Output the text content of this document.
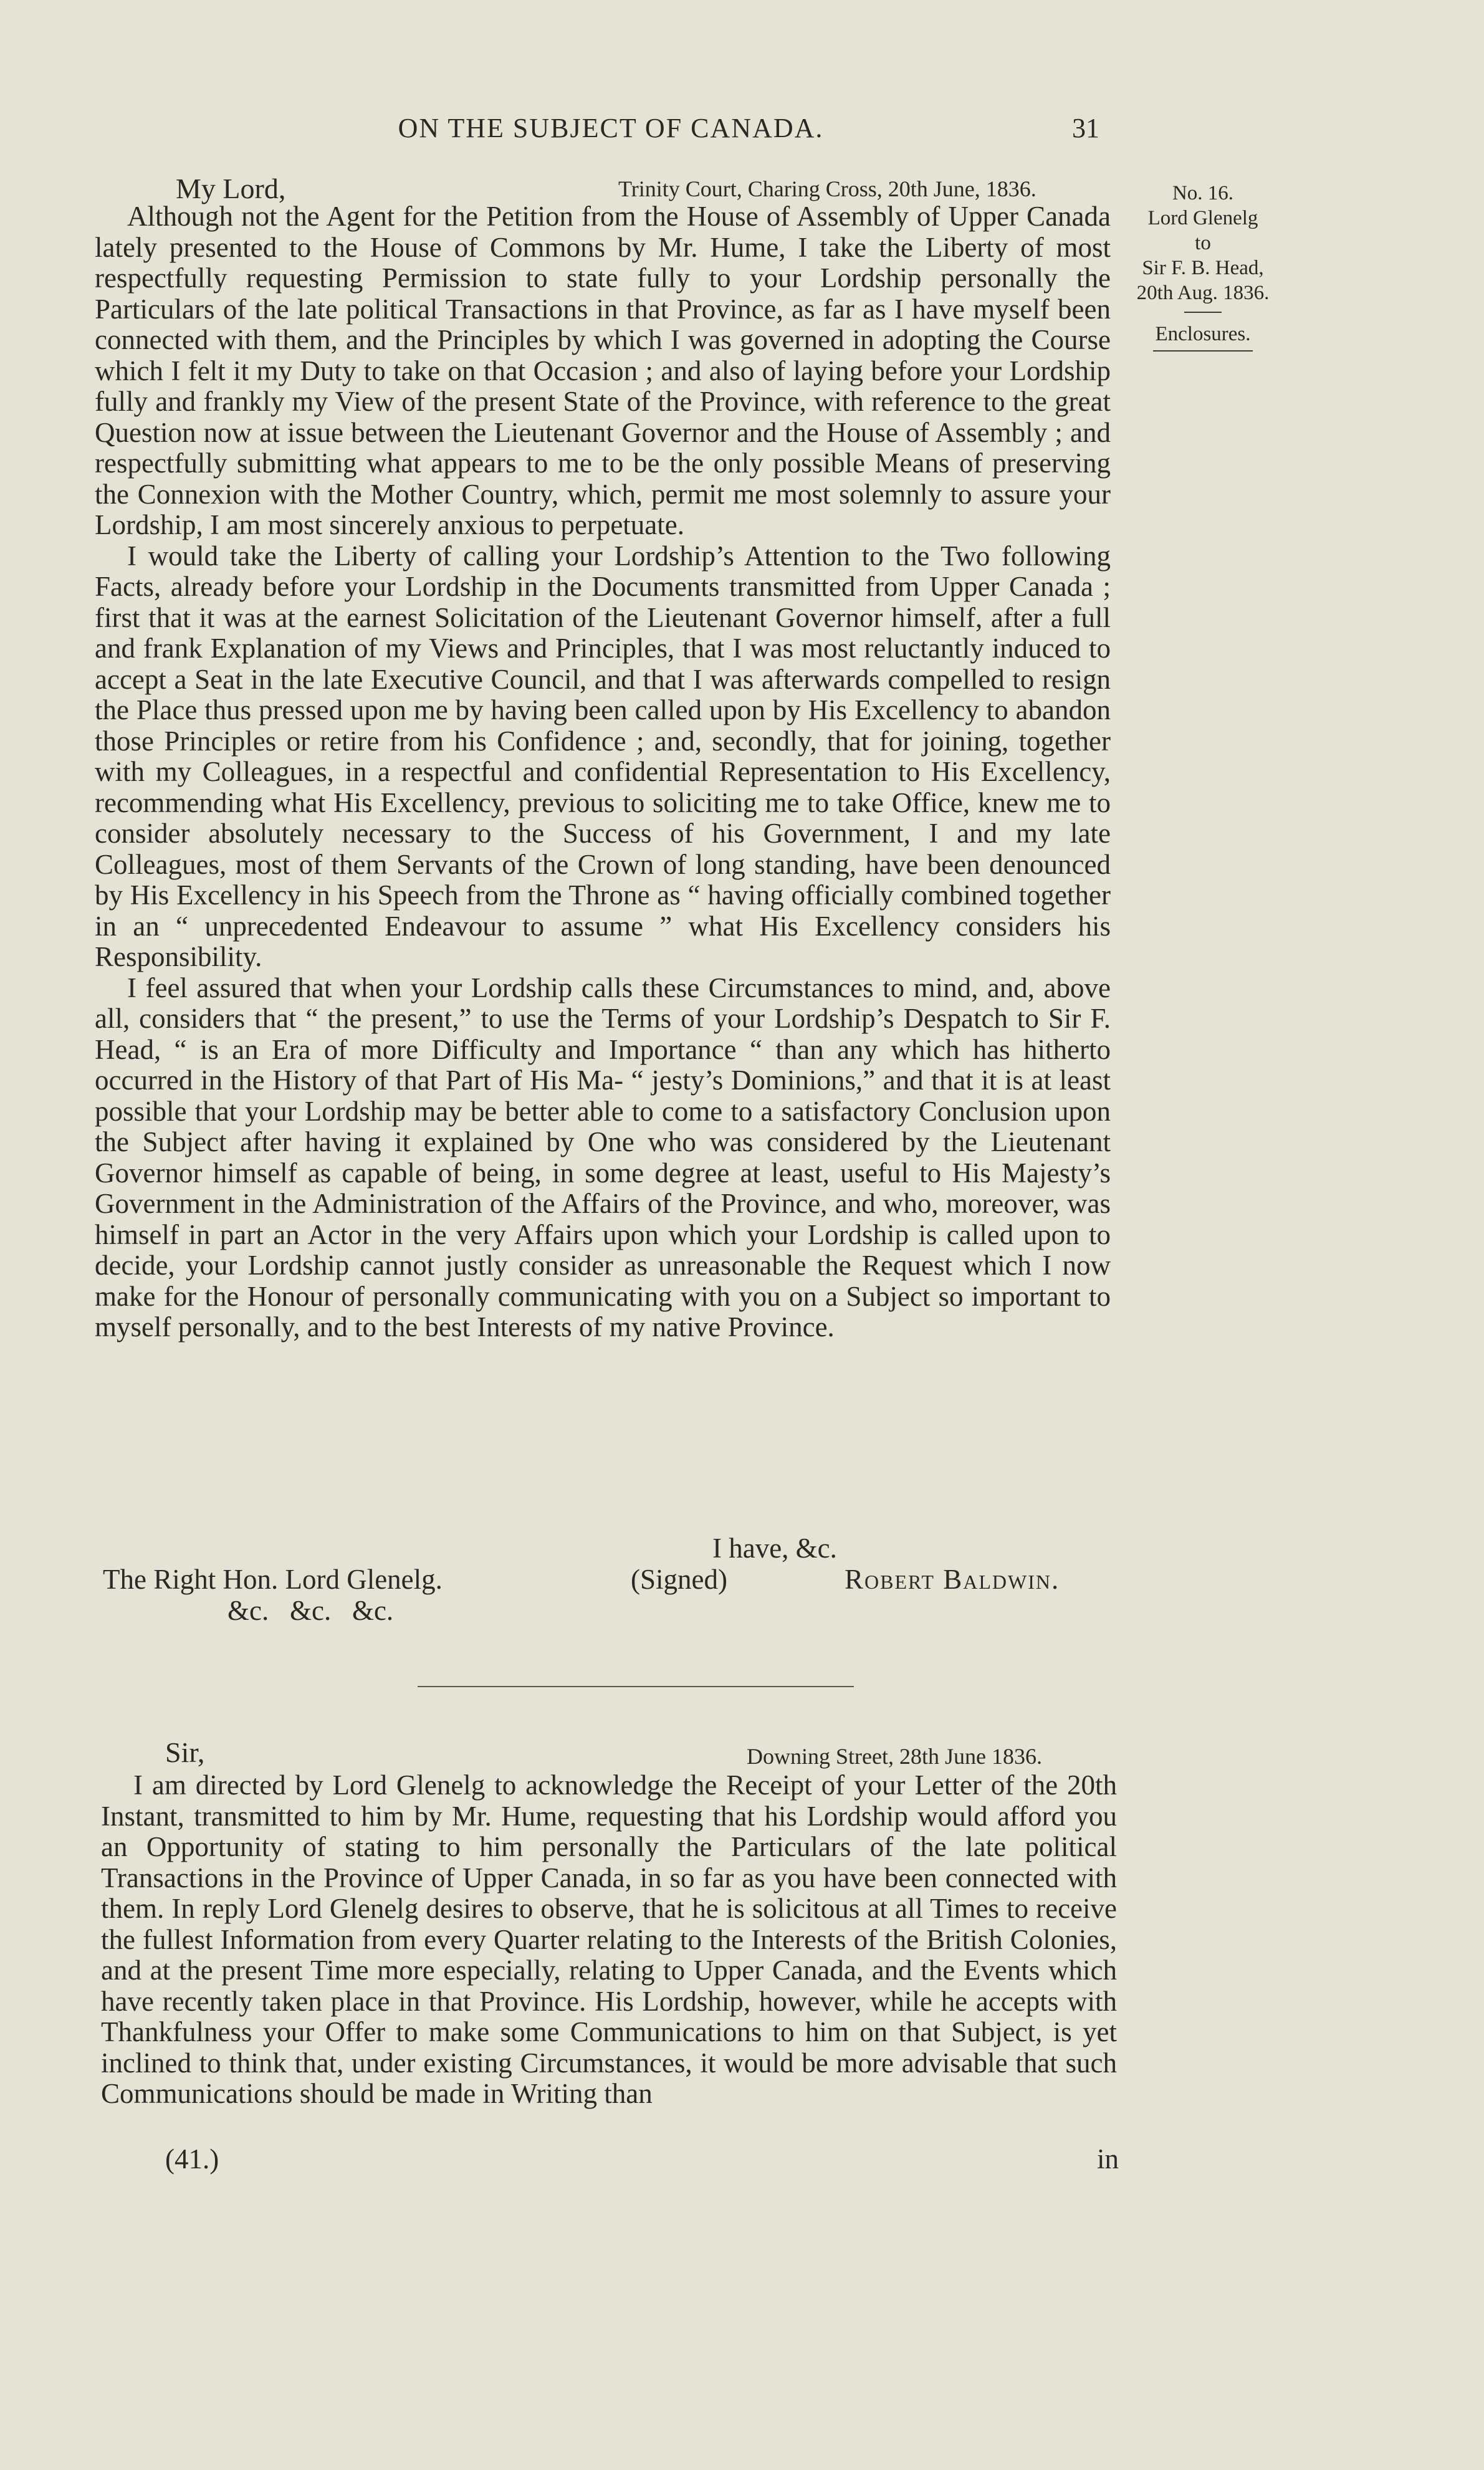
ON THE SUBJECT OF CANADA.	31
No. 16.
Lord Glenelg
to
Sir F. B. Head,
20th Aug. 1836.
Enclosures.
My Lord,	Trinity Court, Charing Cross, 20th June, 1836.

Although not the Agent for the Petition from the House of Assembly of Upper Canada lately presented to the House of Commons by Mr. Hume, I take the Liberty of most respectfully requesting Permission to state fully to your Lordship personally the Particulars of the late political Transactions in that Province, as far as I have myself been connected with them, and the Principles by which I was governed in adopting the Course which I felt it my Duty to take on that Occasion ; and also of laying before your Lordship fully and frankly my View of the present State of the Province, with reference to the great Question now at issue between the Lieutenant Governor and the House of Assembly ; and respectfully submitting what appears to me to be the only possible Means of preserving the Connexion with the Mother Country, which, permit me most solemnly to assure your Lordship, I am most sincerely anxious to perpetuate.

I would take the Liberty of calling your Lordship’s Attention to the Two following Facts, already before your Lordship in the Documents transmitted from Upper Canada ; first that it was at the earnest Solicitation of the Lieutenant Governor himself, after a full and frank Explanation of my Views and Principles, that I was most reluctantly induced to accept a Seat in the late Executive Council, and that I was afterwards compelled to resign the Place thus pressed upon me by having been called upon by His Excellency to abandon those Principles or retire from his Confidence ; and, secondly, that for joining, together with my Colleagues, in a respectful and confidential Representation to His Excellency, recommending what His Excellency, previous to soliciting me to take Office, knew me to consider absolutely necessary to the Success of his Government, I and my late Colleagues, most of them Servants of the Crown of long standing, have been denounced by His Excellency in his Speech from the Throne as “ having officially combined together in an “ unprecedented Endeavour to assume ” what His Excellency considers his Responsibility.

I feel assured that when your Lordship calls these Circumstances to mind, and, above all, considers that “ the present,” to use the Terms of your Lordship’s Despatch to Sir F. Head, “ is an Era of more Difficulty and Importance “ than any which has hitherto occurred in the History of that Part of His Ma- “ jesty’s Dominions,” and that it is at least possible that your Lordship may be better able to come to a satisfactory Conclusion upon the Subject after having it explained by One who was considered by the Lieutenant Governor himself as capable of being, in some degree at least, useful to His Majesty’s Government in the Administration of the Affairs of the Province, and who, moreover, was himself in part an Actor in the very Affairs upon which your Lordship is called upon to decide, your Lordship cannot justly consider as unreasonable the Request which I now make for the Honour of personally communicating with you on a Subject so important to myself personally, and to the best Interests of my native Province.

I have, &c.
The Right Hon. Lord Glenelg.	(Signed)	Robert Baldwin.
&c.   &c.   &c.
Sir,	Downing Street, 28th June 1836.

I am directed by Lord Glenelg to acknowledge the Receipt of your Letter of the 20th Instant, transmitted to him by Mr. Hume, requesting that his Lordship would afford you an Opportunity of stating to him personally the Particulars of the late political Transactions in the Province of Upper Canada, in so far as you have been connected with them. In reply Lord Glenelg desires to observe, that he is solicitous at all Times to receive the fullest Information from every Quarter relating to the Interests of the British Colonies, and at the present Time more especially, relating to Upper Canada, and the Events which have recently taken place in that Province. His Lordship, however, while he accepts with Thankfulness your Offer to make some Communications to him on that Subject, is yet inclined to think that, under existing Circumstances, it would be more advisable that such Communications should be made in Writing than

(41.)	in
